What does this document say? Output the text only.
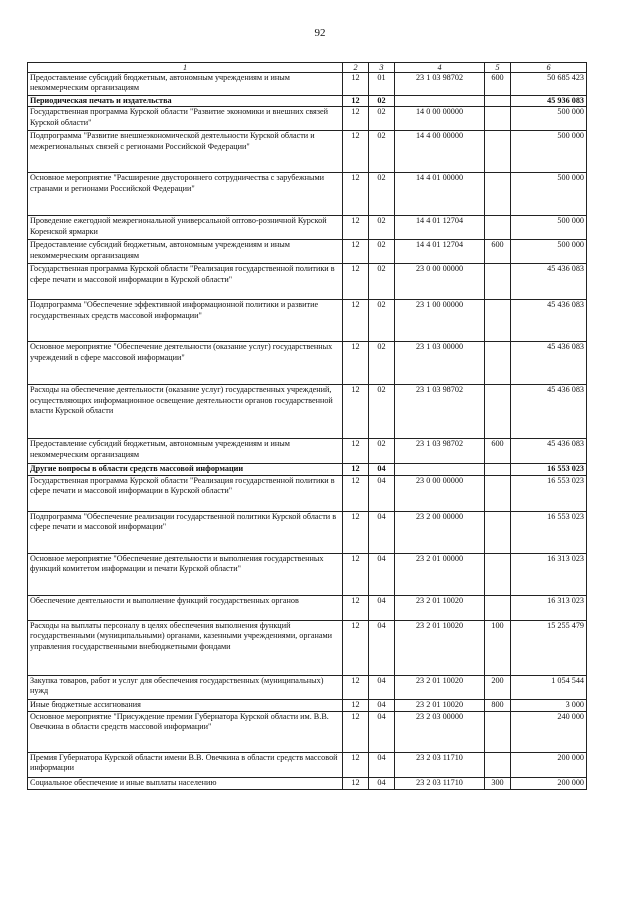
92
1	2	3	4	5	6
Предоставление субсидий бюджетным, автономным учреждениям и иным некоммерческим организациям	12	01	23 1 03 98702	600	50 685 423
Периодическая печать и издательства	12	02			45 936 083
Государственная программа Курской области "Развитие экономики и внешних связей Курской области"	12	02	14 0 00 00000		500 000
Подпрограмма "Развитие внешнеэкономической деятельности Курской области и межрегиональных связей с регионами Российской Федерации"	12	02	14 4 00 00000		500 000
Основное мероприятие "Расширение двустороннего сотрудничества с зарубежными странами и регионами Российской Федерации"	12	02	14 4 01 00000		500 000
Проведение ежегодной межрегиональной универсальной оптово-розничной Курской Коренской ярмарки	12	02	14 4 01 12704		500 000
Предоставление субсидий бюджетным, автономным учреждениям и иным некоммерческим организациям	12	02	14 4 01 12704	600	500 000
Государственная программа Курской области "Реализация государственной политики в сфере печати и массовой информации в Курской области"	12	02	23 0 00 00000		45 436 083
Подпрограмма "Обеспечение эффективной информационной политики и развитие государственных средств массовой информации"	12	02	23 1 00 00000		45 436 083
Основное мероприятие "Обеспечение деятельности (оказание услуг) государственных учреждений в сфере массовой информации"	12	02	23 1 03 00000		45 436 083
Расходы на обеспечение деятельности (оказание услуг) государственных учреждений, осуществляющих информационное освещение деятельности органов государственной власти Курской области	12	02	23 1 03 98702		45 436 083
Предоставление субсидий бюджетным, автономным учреждениям и иным некоммерческим организациям	12	02	23 1 03 98702	600	45 436 083
Другие вопросы в области средств массовой информации	12	04			16 553 023
Государственная программа Курской области "Реализация государственной политики в сфере печати и массовой информации в Курской области"	12	04	23 0 00 00000		16 553 023
Подпрограмма "Обеспечение реализации государственной политики Курской области в сфере печати и массовой информации"	12	04	23 2 00 00000		16 553 023
Основное мероприятие "Обеспечение деятельности и выполнения государственных функций комитетом информации и печати Курской области"	12	04	23 2 01 00000		16 313 023
Обеспечение деятельности и выполнение функций государственных органов	12	04	23 2 01 10020		16 313 023
Расходы на выплаты персоналу в целях обеспечения выполнения функций государственными (муниципальными) органами, казенными учреждениями, органами управления государственными внебюджетными фондами	12	04	23 2 01 10020	100	15 255 479
Закупка товаров, работ и услуг для обеспечения государственных (муниципальных) нужд	12	04	23 2 01 10020	200	1 054 544
Иные бюджетные ассигнования	12	04	23 2 01 10020	800	3 000
Основное мероприятие "Присуждение премии Губернатора Курской области им. В.В. Овечкина в области средств массовой информации"	12	04	23 2 03 00000		240 000
Премия Губернатора Курской области имени В.В. Овечкина в области средств массовой информации	12	04	23 2 03 11710		200 000
Социальное обеспечение и иные выплаты населению	12	04	23 2 03 11710	300	200 000
